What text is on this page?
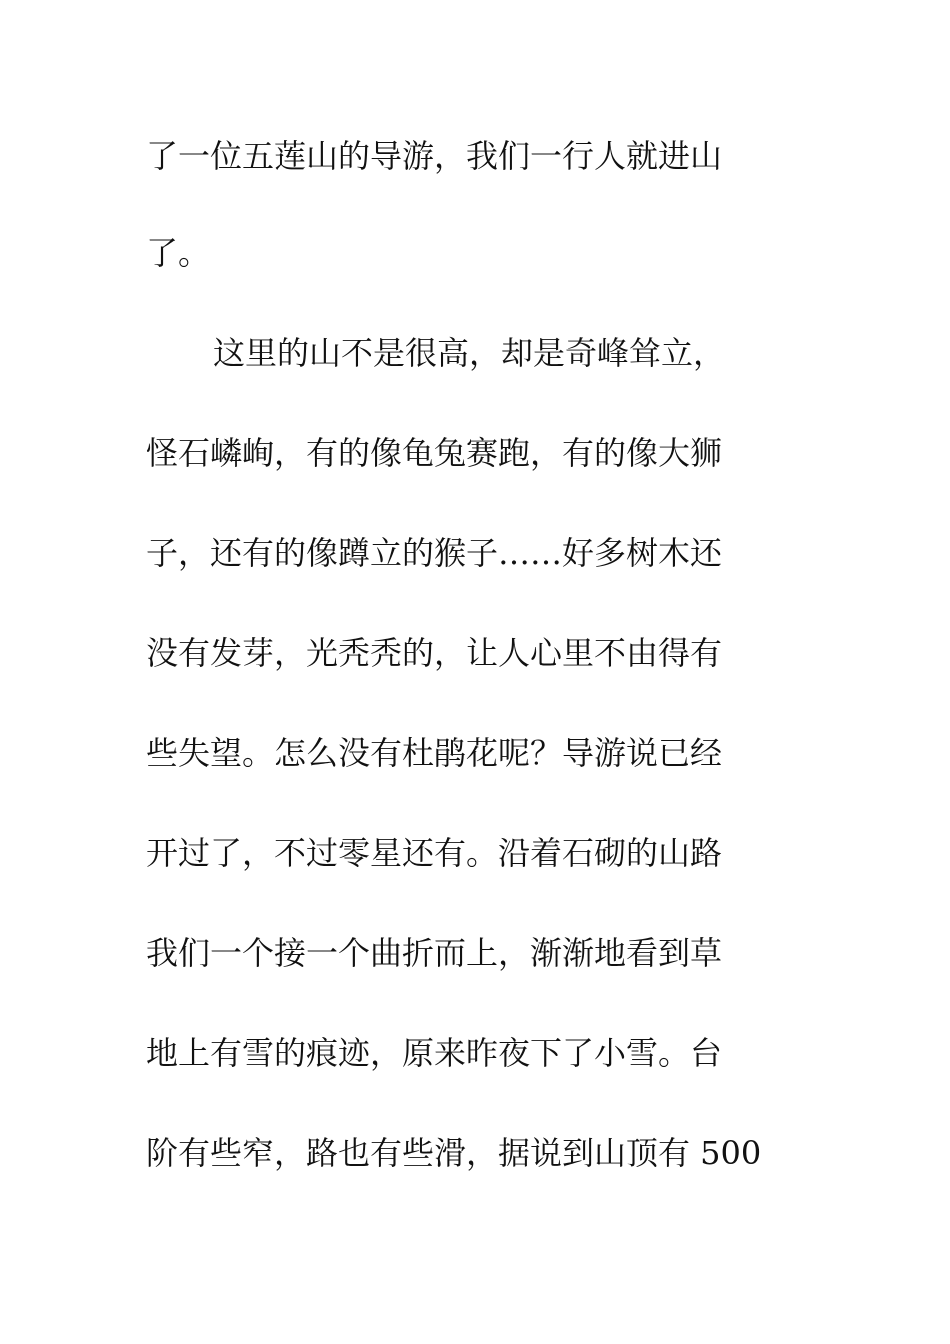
了一位五莲山的导游，我们一行人就进山
了。
这里的山不是很高，却是奇峰耸立，
怪石嶙峋，有的像龟兔赛跑，有的像大狮
子，还有的像蹲立的猴子……好多树木还
没有发芽，光秃秃的，让人心里不由得有
些失望。怎么没有杜鹃花呢？导游说已经
开过了，不过零星还有。沿着石砌的山路
我们一个接一个曲折而上，渐渐地看到草
地上有雪的痕迹，原来昨夜下了小雪。台
阶有些窄，路也有些滑，据说到山顶有 500
